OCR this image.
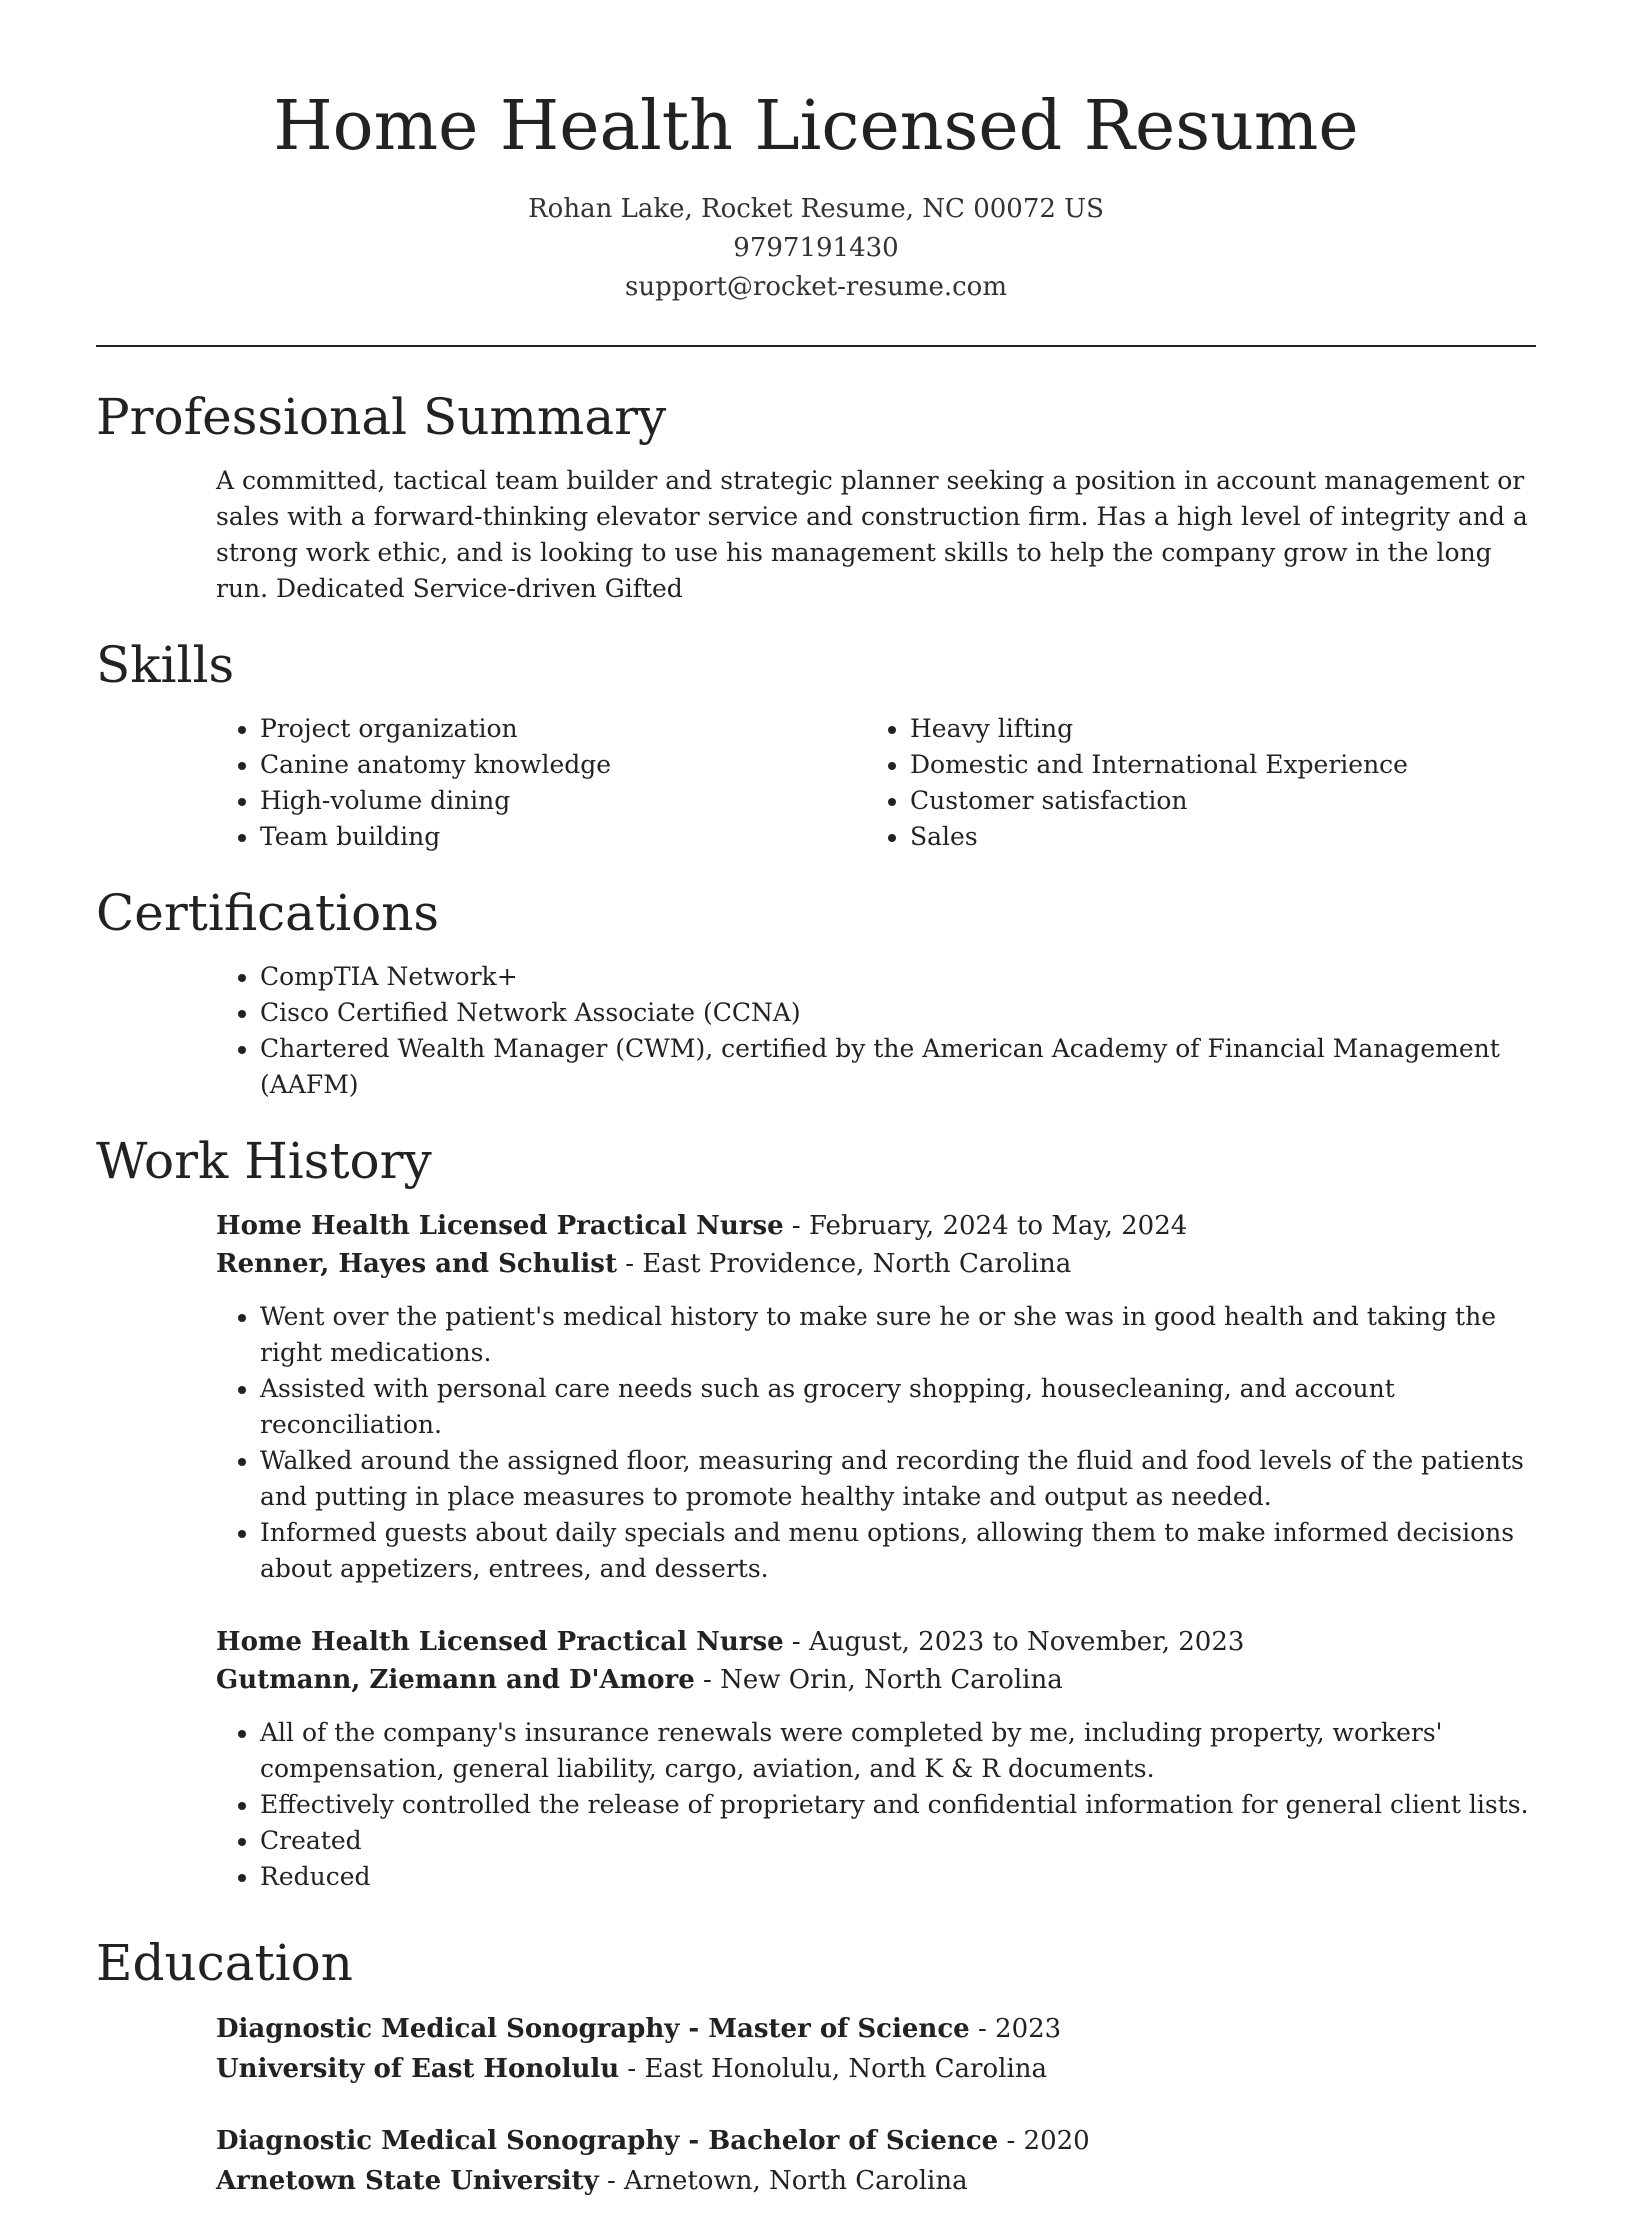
Home Health Licensed Resume
Rohan Lake, Rocket Resume, NC 00072 US
9797191430
support@rocket-resume.com
Professional Summary

A committed, tactical team builder and strategic planner seeking a position in account management or sales with a forward-thinking elevator service and construction firm. Has a high level of integrity and a strong work ethic, and is looking to use his management skills to help the company grow in the long run. Dedicated Service-driven Gifted

Skills
• Project organization
• Canine anatomy knowledge
• High-volume dining
• Team building
• Heavy lifting
• Domestic and International Experience
• Customer satisfaction
• Sales
Certifications
• CompTIA Network+
• Cisco Certified Network Associate (CCNA)
• Chartered Wealth Manager (CWM), certified by the American Academy of Financial Management (AAFM)
Work History
Home Health Licensed Practical Nurse - February, 2024 to May, 2024
Renner, Hayes and Schulist - East Providence, North Carolina
• Went over the patient's medical history to make sure he or she was in good health and taking the right medications.
• Assisted with personal care needs such as grocery shopping, housecleaning, and account reconciliation.
• Walked around the assigned floor, measuring and recording the fluid and food levels of the patients and putting in place measures to promote healthy intake and output as needed.
• Informed guests about daily specials and menu options, allowing them to make informed decisions about appetizers, entrees, and desserts.
Home Health Licensed Practical Nurse - August, 2023 to November, 2023
Gutmann, Ziemann and D'Amore - New Orin, North Carolina
• All of the company's insurance renewals were completed by me, including property, workers' compensation, general liability, cargo, aviation, and K & R documents.
• Effectively controlled the release of proprietary and confidential information for general client lists.
• Created
• Reduced
Education
Diagnostic Medical Sonography - Master of Science - 2023
University of East Honolulu - East Honolulu, North Carolina
Diagnostic Medical Sonography - Bachelor of Science - 2020
Arnetown State University - Arnetown, North Carolina
